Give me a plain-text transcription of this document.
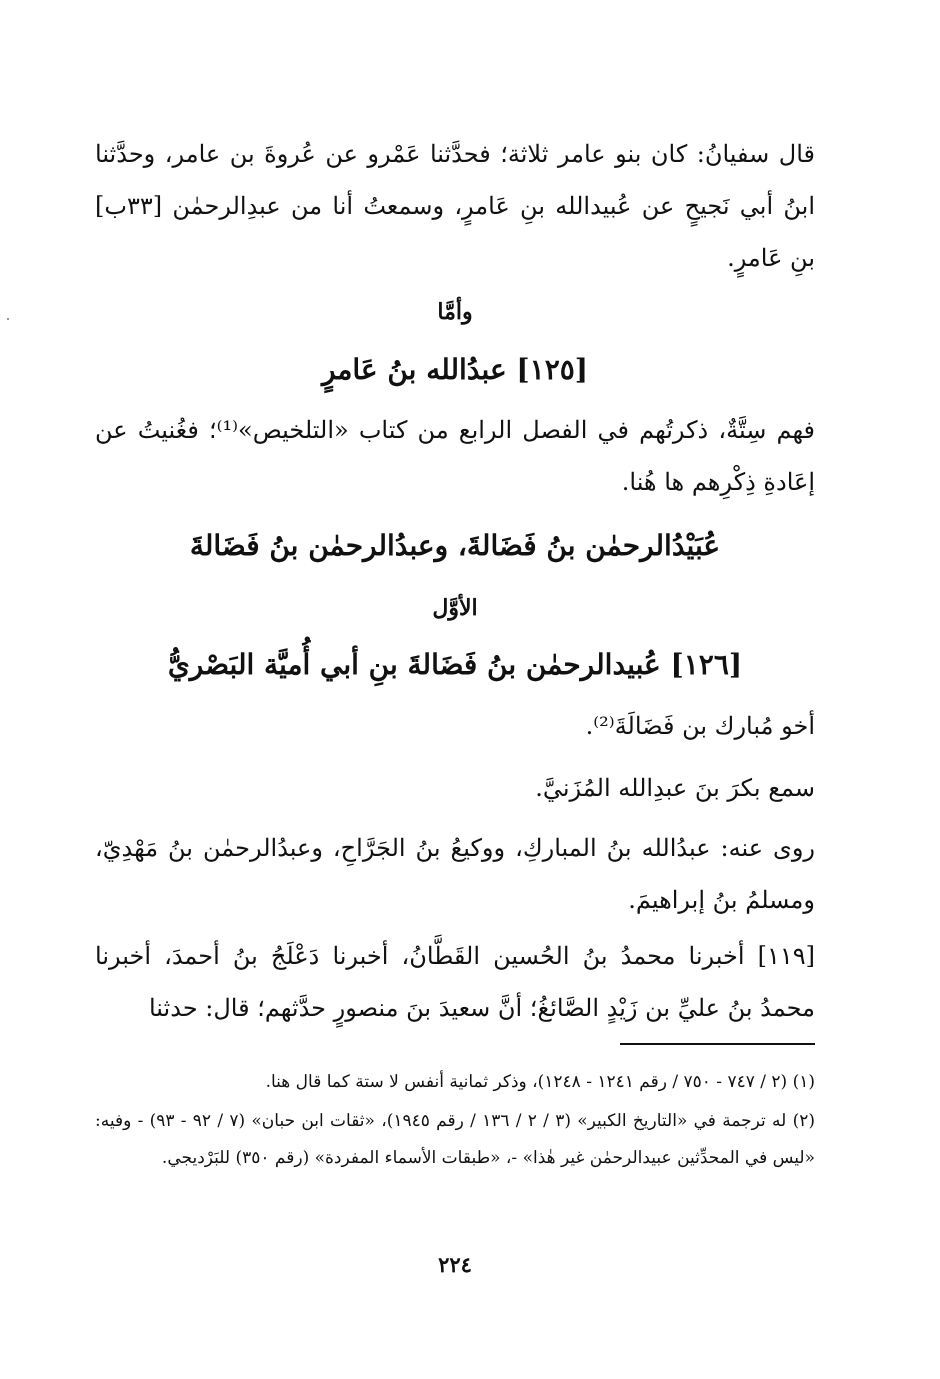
قال سفيانُ: كان بنو عامر ثلاثة؛ فحدَّثنا عَمْرو عن عُروةَ بن عامر، وحدَّثنا ابنُ أبي نَجيحٍ عن عُبيدالله بنِ عَامرٍ، وسمعتُ أنا من عبدِالرحمٰن [٣٣ب] بنِ عَامرٍ.
وأمَّا
[١٢٥] عبدُالله بنُ عَامرٍ
فهم سِتَّةٌ، ذكرتُهم في الفصل الرابع من كتاب «التلخيص»⁽¹⁾؛ فغُنيتُ عن إعَادةِ ذِكْرِهم ها هُنا.
عُبَيْدُالرحمٰن بنُ فَضَالةَ، وعبدُالرحمٰن بنُ فَضَالةَ
الأوَّل
[١٢٦] عُبيدالرحمٰن بنُ فَضَالةَ بنِ أبي أُميَّة البَصْريُّ
أخو مُبارك بن فَضَالَةَ⁽²⁾.
سمع بكرَ بنَ عبدِالله المُزَنيَّ.
روى عنه: عبدُالله بنُ المباركِ، ووكيعُ بنُ الجَرَّاحِ، وعبدُالرحمٰن بنُ مَهْدِيّ، ومسلمُ بنُ إبراهيمَ.
[١١٩] أخبرنا محمدُ بنُ الحُسين القَطَّانُ، أخبرنا دَعْلَجُ بنُ أحمدَ، أخبرنا محمدُ بنُ عليِّ بن زَيْدٍ الصَّائغُ؛ أنَّ سعيدَ بنَ منصورٍ حدَّثهم؛ قال: حدثنا
(١) (٢ / ٧٤٧ - ٧٥٠ / رقم ١٢٤١ - ١٢٤٨)، وذكر ثمانية أنفس لا ستة كما قال هنا.
(٢) له ترجمة في «التاريخ الكبير» (٣ / ٢ / ١٣٦ / رقم ١٩٤٥)، «ثقات ابن حبان» (٧ / ٩٢ - ٩٣) - وفيه: «ليس في المحدِّثين عبيدالرحمٰن غير هٰذا» -، «طبقات الأسماء المفردة» (رقم ٣٥٠) للبَرْديجي.
٢٢٤
